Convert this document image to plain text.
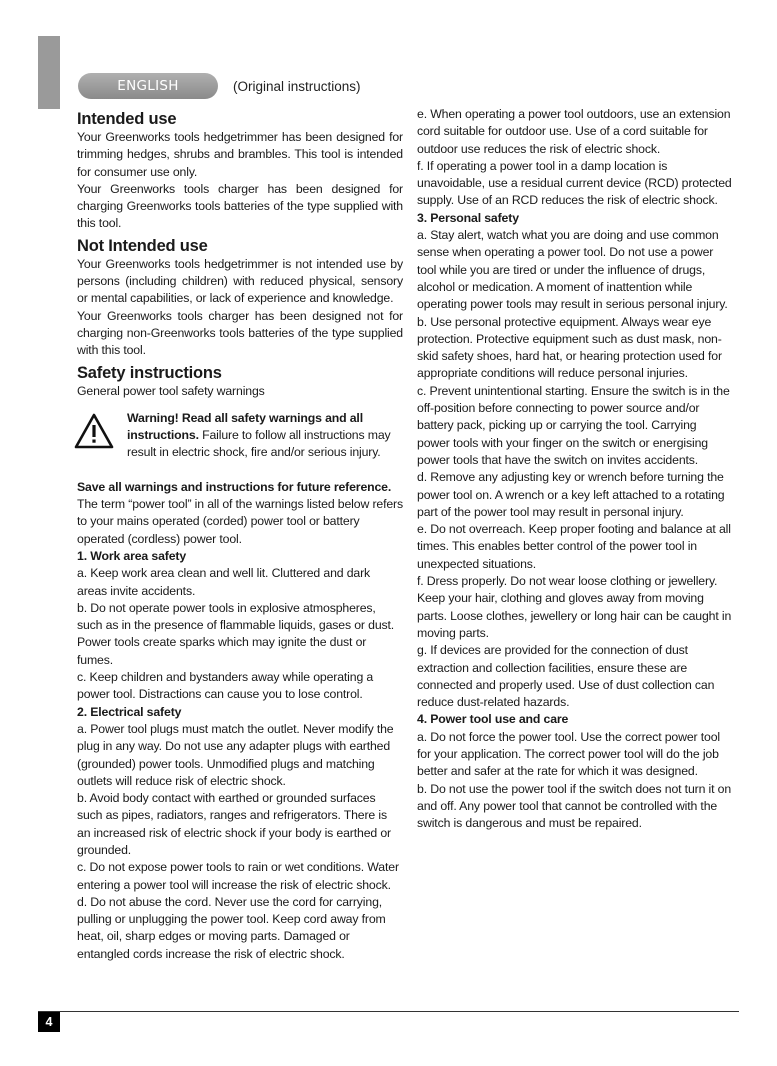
ENGLISH	(Original instructions)
Intended use

Your Greenworks tools hedgetrimmer has been designed for trimming hedges, shrubs and brambles. This tool is intended for consumer use only.

Your Greenworks tools charger has been designed for charging Greenworks tools batteries of the type supplied with this tool.

Not Intended use

Your Greenworks tools hedgetrimmer is not intended use by persons (including children) with reduced physical, sensory or mental capabilities, or lack of experience and knowledge.

Your Greenworks tools charger has been designed not for charging non-Greenworks tools batteries of the type supplied with this tool.

Safety instructions

General power tool safety warnings

Warning! Read all safety warnings and all instructions. Failure to follow all instructions may result in electric shock, fire and/or serious injury.

Save all warnings and instructions for future reference.

The term “power tool” in all of the warnings listed below refers to your mains operated (corded) power tool or battery operated (cordless) power tool.

1. Work area safety

a. Keep work area clean and well lit. Cluttered and dark areas invite accidents.

b. Do not operate power tools in explosive atmospheres, such as in the presence of flammable liquids, gases or dust. Power tools create sparks which may ignite the dust or fumes.

c. Keep children and bystanders away while operating a power tool. Distractions can cause you to lose control.

2. Electrical safety

a. Power tool plugs must match the outlet. Never modify the plug in any way. Do not use any adapter plugs with earthed (grounded) power tools. Unmodified plugs and matching outlets will reduce risk of electric shock.

b. Avoid body contact with earthed or grounded surfaces such as pipes, radiators, ranges and refrigerators. There is an increased risk of electric shock if your body is earthed or grounded.

c. Do not expose power tools to rain or wet conditions. Water entering a power tool will increase the risk of electric shock.

d. Do not abuse the cord. Never use the cord for carrying, pulling or unplugging the power tool. Keep cord away from heat, oil, sharp edges or moving parts. Damaged or entangled cords increase the risk of electric shock.

e. When operating a power tool outdoors, use an extension cord suitable for outdoor use. Use of a cord suitable for outdoor use reduces the risk of electric shock.

f. If operating a power tool in a damp location is unavoidable, use a residual current device (RCD) protected supply. Use of an RCD reduces the risk of electric shock.

3. Personal safety

a. Stay alert, watch what you are doing and use common sense when operating a power tool. Do not use a power tool while you are tired or under the influence of drugs, alcohol or medication. A moment of inattention while operating power tools may result in serious personal injury.

b. Use personal protective equipment. Always wear eye protection. Protective equipment such as dust mask, non-skid safety shoes, hard hat, or hearing protection used for appropriate conditions will reduce personal injuries.

c. Prevent unintentional starting. Ensure the switch is in the off-position before connecting to power source and/or battery pack, picking up or carrying the tool. Carrying power tools with your finger on the switch or energising power tools that have the switch on invites accidents.

d. Remove any adjusting key or wrench before turning the power tool on. A wrench or a key left attached to a rotating part of the power tool may result in personal injury.

e. Do not overreach. Keep proper footing and balance at all times. This enables better control of the power tool in unexpected situations.

f. Dress properly. Do not wear loose clothing or jewellery. Keep your hair, clothing and gloves away from moving parts. Loose clothes, jewellery or long hair can be caught in moving parts.

g. If devices are provided for the connection of dust extraction and collection facilities, ensure these are connected and properly used. Use of dust collection can reduce dust-related hazards.

4. Power tool use and care

a. Do not force the power tool. Use the correct power tool for your application. The correct power tool will do the job better and safer at the rate for which it was designed.

b. Do not use the power tool if the switch does not turn it on and off. Any power tool that cannot be controlled with the switch is dangerous and must be repaired.

4
